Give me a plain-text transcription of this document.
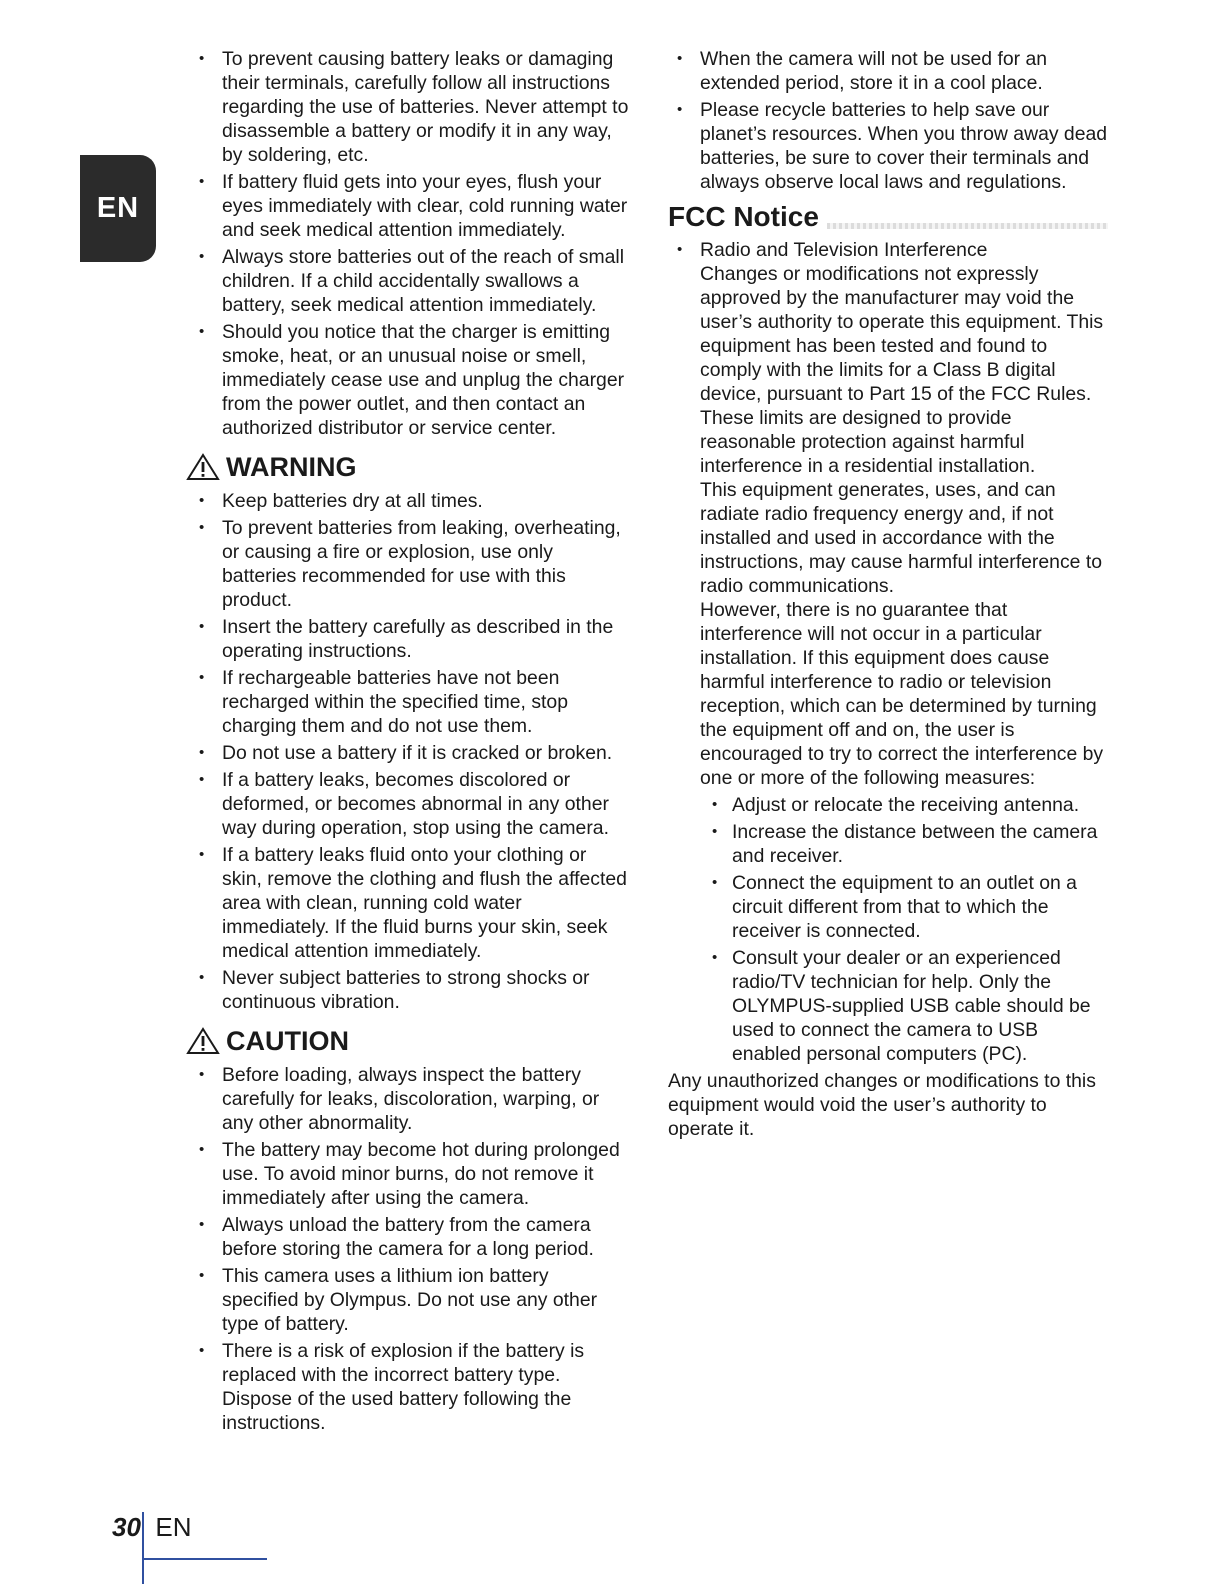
EN
• To prevent causing battery leaks or damaging their terminals, carefully follow all instructions regarding the use of batteries. Never attempt to disassemble a battery or modify it in any way, by soldering, etc.
• If battery fluid gets into your eyes, flush your eyes immediately with clear, cold running water and seek medical attention immediately.
• Always store batteries out of the reach of small children. If a child accidentally swallows a battery, seek medical attention immediately.
• Should you notice that the charger is emitting smoke, heat, or an unusual noise or smell, immediately cease use and unplug the charger from the power outlet, and then contact an authorized distributor or service center.
WARNING
• Keep batteries dry at all times.
• To prevent batteries from leaking, overheating, or causing a fire or explosion, use only batteries recommended for use with this product.
• Insert the battery carefully as described in the operating instructions.
• If rechargeable batteries have not been recharged within the specified time, stop charging them and do not use them.
• Do not use a battery if it is cracked or broken.
• If a battery leaks, becomes discolored or deformed, or becomes abnormal in any other way during operation, stop using the camera.
• If a battery leaks fluid onto your clothing or skin, remove the clothing and flush the affected area with clean, running cold water immediately. If the fluid burns your skin, seek medical attention immediately.
• Never subject batteries to strong shocks or continuous vibration.
CAUTION
• Before loading, always inspect the battery carefully for leaks, discoloration, warping, or any other abnormality.
• The battery may become hot during prolonged use. To avoid minor burns, do not remove it immediately after using the camera.
• Always unload the battery from the camera before storing the camera for a long period.
• This camera uses a lithium ion battery specified by Olympus. Do not use any other type of battery.
• There is a risk of explosion if the battery is replaced with the incorrect battery type. Dispose of the used battery following the instructions.
• When the camera will not be used for an extended period, store it in a cool place.
• Please recycle batteries to help save our planet’s resources. When you throw away dead batteries, be sure to cover their terminals and always observe local laws and regulations.
FCC Notice
• Radio and Television Interference
Changes or modifications not expressly approved by the manufacturer may void the user’s authority to operate this equipment. This equipment has been tested and found to comply with the limits for a Class B digital device, pursuant to Part 15 of the FCC Rules. These limits are designed to provide reasonable protection against harmful interference in a residential installation.
This equipment generates, uses, and can radiate radio frequency energy and, if not installed and used in accordance with the instructions, may cause harmful interference to radio communications.
However, there is no guarantee that interference will not occur in a particular installation. If this equipment does cause harmful interference to radio or television reception, which can be determined by turning the equipment off and on, the user is encouraged to try to correct the interference by one or more of the following measures:
• Adjust or relocate the receiving antenna.
• Increase the distance between the camera and receiver.
• Connect the equipment to an outlet on a circuit different from that to which the receiver is connected.
• Consult your dealer or an experienced radio/TV technician for help. Only the OLYMPUS-supplied USB cable should be used to connect the camera to USB enabled personal computers (PC).
Any unauthorized changes or modifications to this equipment would void the user’s authority to operate it.
30 EN
